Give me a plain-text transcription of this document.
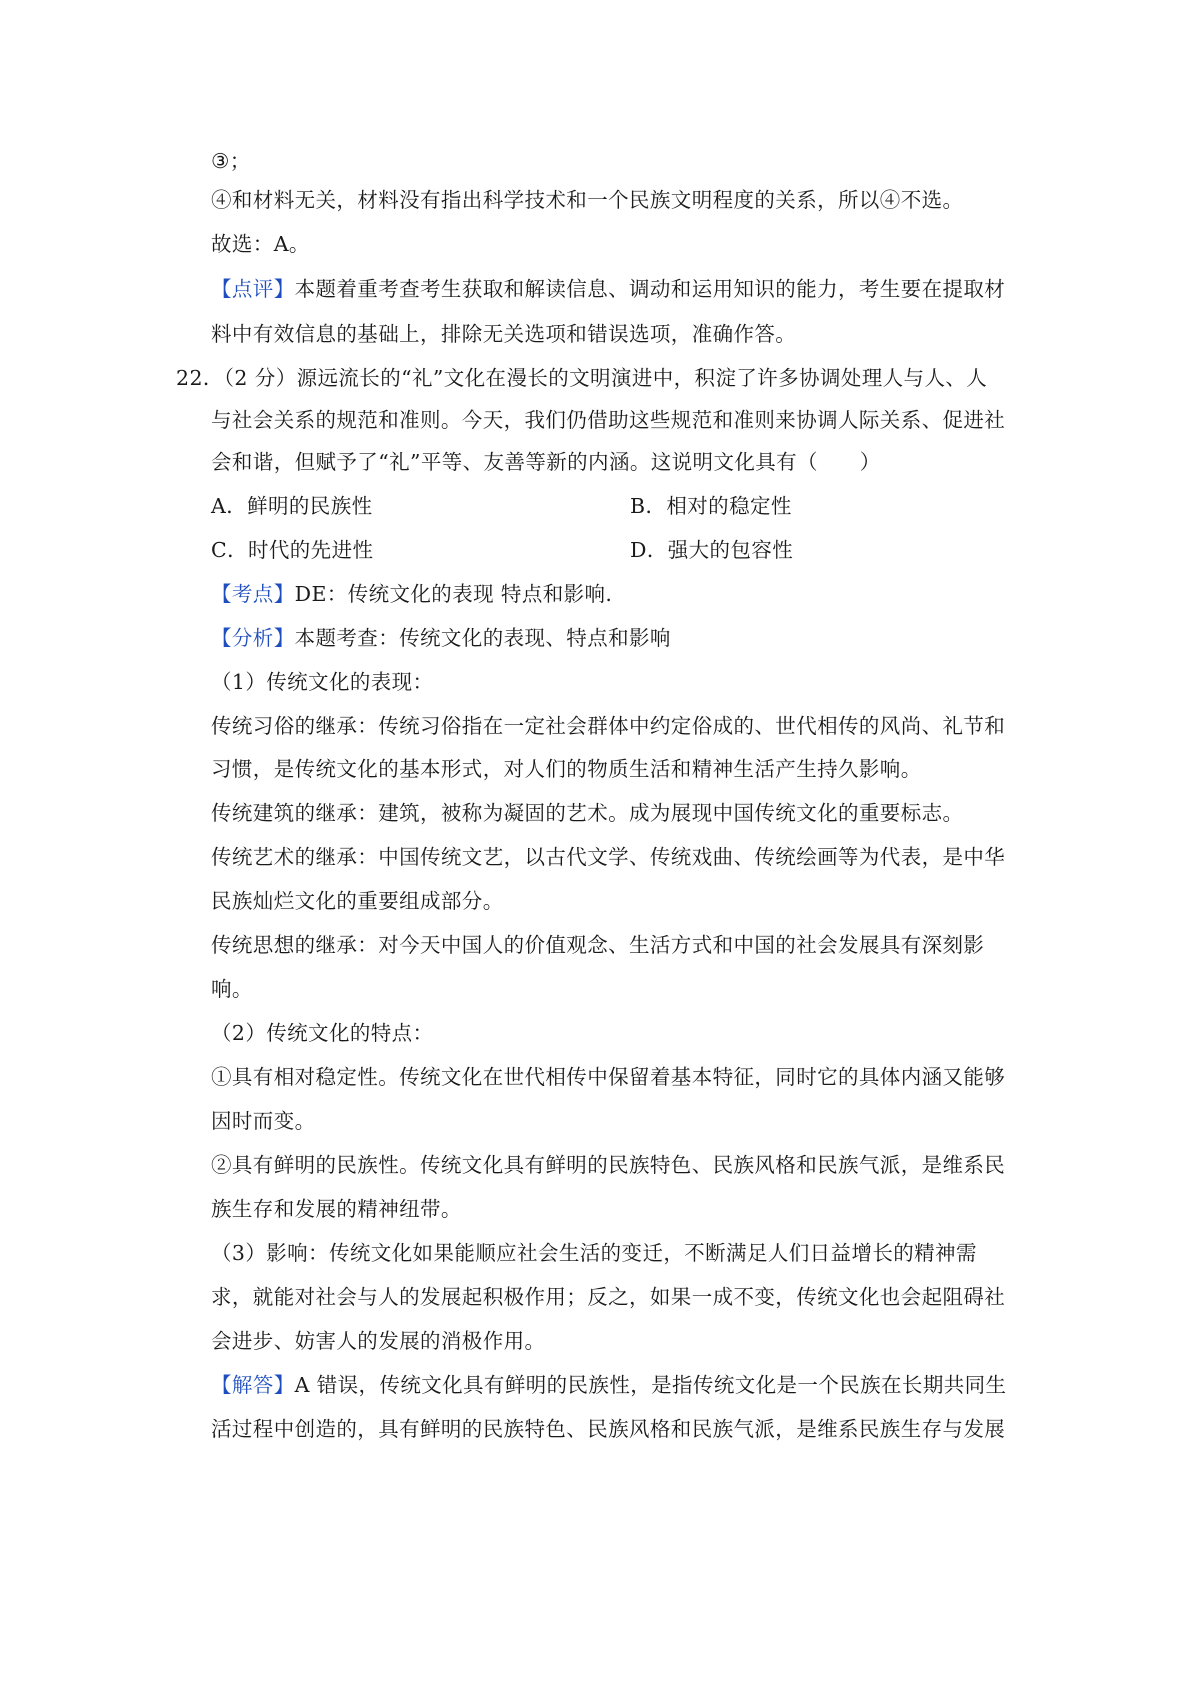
③；
④和材料无关，材料没有指出科学技术和一个民族文明程度的关系，所以④不选。
故选：A。
【点评】本题着重考查考生获取和解读信息、调动和运用知识的能力，考生要在提取材
料中有效信息的基础上，排除无关选项和错误选项，准确作答。
22．（2 分）源远流长的“礼”文化在漫长的文明演进中，积淀了许多协调处理人与人、人
与社会关系的规范和准则。今天，我们仍借助这些规范和准则来协调人际关系、促进社
会和谐，但赋予了“礼”平等、友善等新的内涵。这说明文化具有（　　）
A．鲜明的民族性	B．相对的稳定性
C．时代的先进性	D．强大的包容性
【考点】DE：传统文化的表现 特点和影响.
【分析】本题考查：传统文化的表现、特点和影响
（1）传统文化的表现：
传统习俗的继承：传统习俗指在一定社会群体中约定俗成的、世代相传的风尚、礼节和
习惯，是传统文化的基本形式，对人们的物质生活和精神生活产生持久影响。
传统建筑的继承：建筑，被称为凝固的艺术。成为展现中国传统文化的重要标志。
传统艺术的继承：中国传统文艺，以古代文学、传统戏曲、传统绘画等为代表，是中华
民族灿烂文化的重要组成部分。
传统思想的继承：对今天中国人的价值观念、生活方式和中国的社会发展具有深刻影
响。
（2）传统文化的特点：
①具有相对稳定性。传统文化在世代相传中保留着基本特征，同时它的具体内涵又能够
因时而变。
②具有鲜明的民族性。传统文化具有鲜明的民族特色、民族风格和民族气派，是维系民
族生存和发展的精神纽带。
（3）影响：传统文化如果能顺应社会生活的变迁，不断满足人们日益增长的精神需
求，就能对社会与人的发展起积极作用；反之，如果一成不变，传统文化也会起阻碍社
会进步、妨害人的发展的消极作用。
【解答】A 错误，传统文化具有鲜明的民族性，是指传统文化是一个民族在长期共同生
活过程中创造的，具有鲜明的民族特色、民族风格和民族气派，是维系民族生存与发展
